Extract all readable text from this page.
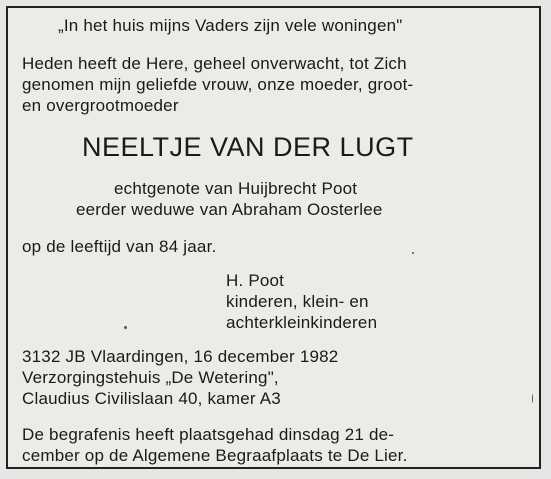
„In het huis mijns Vaders zijn vele woningen"
Heden heeft de Here, geheel onverwacht, tot Zich
genomen mijn geliefde vrouw, onze moeder, groot-
en overgrootmoeder
NEELTJE VAN DER LUGT
echtgenote van Huijbrecht Poot
eerder weduwe van Abraham Oosterlee
op de leeftijd van 84 jaar.
H. Poot
kinderen, klein- en
achterkleinkinderen
3132 JB Vlaardingen, 16 december 1982
Verzorgingstehuis „De Wetering",
Claudius Civilislaan 40, kamer A3
De begrafenis heeft plaatsgehad dinsdag 21 de-
cember op de Algemene Begraafplaats te De Lier.
